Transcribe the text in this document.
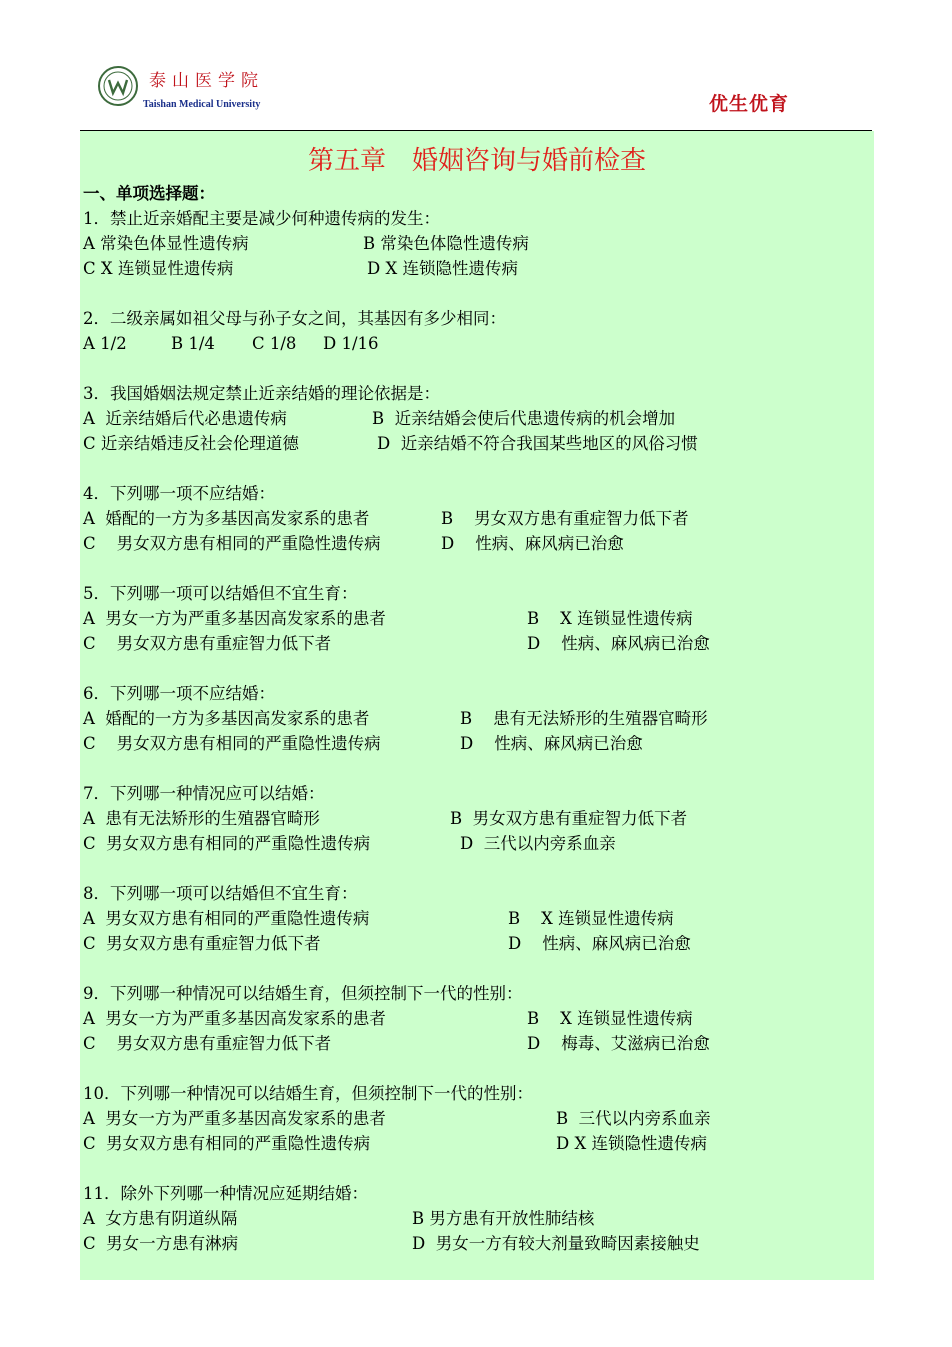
泰山医学院
Taishan Medical University	优生优育
第五章　婚姻咨询与婚前检查
一、单项选择题：
1．禁止近亲婚配主要是减少何种遗传病的发生：
A 常染色体显性遗传病	B 常染色体隐性遗传病
C X 连锁显性遗传病	D X 连锁隐性遗传病
2．二级亲属如祖父母与孙子女之间，其基因有多少相同：
A 1/2	B 1/4 C 1/8 D 1/16
3．我国婚姻法规定禁止近亲结婚的理论依据是：
A  近亲结婚后代必患遗传病	B  近亲结婚会使后代患遗传病的机会增加
C 近亲结婚违反社会伦理道德	D  近亲结婚不符合我国某些地区的风俗习惯
4．下列哪一项不应结婚：
A  婚配的一方为多基因高发家系的患者	B    男女双方患有重症智力低下者
C    男女双方患有相同的严重隐性遗传病	D    性病、麻风病已治愈
5．下列哪一项可以结婚但不宜生育：
A  男女一方为严重多基因高发家系的患者	B    X 连锁显性遗传病
C    男女双方患有重症智力低下者	D    性病、麻风病已治愈
6．下列哪一项不应结婚：
A  婚配的一方为多基因高发家系的患者	B    患有无法矫形的生殖器官畸形
C    男女双方患有相同的严重隐性遗传病	D    性病、麻风病已治愈
7．下列哪一种情况应可以结婚：
A  患有无法矫形的生殖器官畸形	B  男女双方患有重症智力低下者
C  男女双方患有相同的严重隐性遗传病	D  三代以内旁系血亲
8．下列哪一项可以结婚但不宜生育：
A  男女双方患有相同的严重隐性遗传病	B    X 连锁显性遗传病
C  男女双方患有重症智力低下者	D    性病、麻风病已治愈
9．下列哪一种情况可以结婚生育，但须控制下一代的性别：
A  男女一方为严重多基因高发家系的患者	B    X 连锁显性遗传病
C    男女双方患有重症智力低下者	D    梅毒、艾滋病已治愈
10．下列哪一种情况可以结婚生育，但须控制下一代的性别：
A  男女一方为严重多基因高发家系的患者	B  三代以内旁系血亲
C  男女双方患有相同的严重隐性遗传病	D X 连锁隐性遗传病
11．除外下列哪一种情况应延期结婚：
A  女方患有阴道纵隔	B 男方患有开放性肺结核
C  男女一方患有淋病	D  男女一方有较大剂量致畸因素接触史
